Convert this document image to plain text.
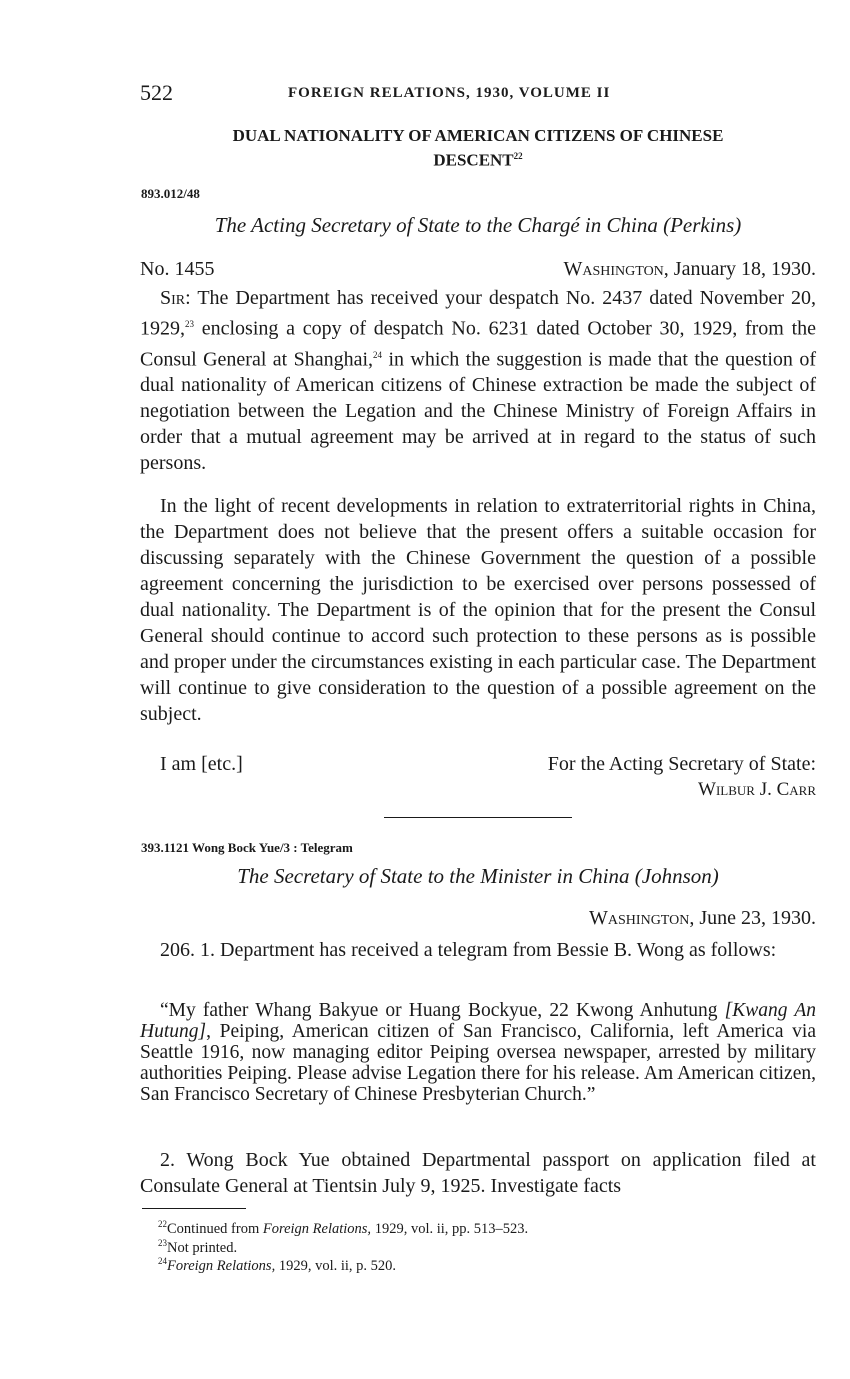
522	FOREIGN RELATIONS, 1930, VOLUME II
DUAL NATIONALITY OF AMERICAN CITIZENS OF CHINESE
DESCENT$^{22}$
893.012/48
The Acting Secretary of State to the Chargé in China (Perkins)
No. 1455	Washington, January 18, 1930.
Sir: The Department has received your despatch No. 2437 dated November 20, 1929,23 enclosing a copy of despatch No. 6231 dated October 30, 1929, from the Consul General at Shanghai,$^{24}$ in which the suggestion is made that the question of dual nationality of American citizens of Chinese extraction be made the subject of negotiation between the Legation and the Chinese Ministry of Foreign Affairs in order that a mutual agreement may be arrived at in regard to the status of such persons.
In the light of recent developments in relation to extraterritorial rights in China, the Department does not believe that the present offers a suitable occasion for discussing separately with the Chinese Government the question of a possible agreement concerning the jurisdiction to be exercised over persons possessed of dual nationality. The Department is of the opinion that for the present the Consul General should continue to accord such protection to these persons as is possible and proper under the circumstances existing in each particular case. The Department will continue to give consideration to the question of a possible agreement on the subject.
I am [etc.]	For the Acting Secretary of State:
Wilbur J. Carr
393.1121 Wong Bock Yue/3 : Telegram
The Secretary of State to the Minister in China (Johnson)
Washington, June 23, 1930.
206. 1. Department has received a telegram from Bessie B. Wong as follows:
“My father Whang Bakyue or Huang Bockyue, 22 Kwong Anhutung [Kwang An Hutung], Peiping, American citizen of San Francisco, California, left America via Seattle 1916, now managing editor Peiping oversea newspaper, arrested by military authorities Peiping. Please advise Legation there for his release. Am American citizen, San Francisco Secretary of Chinese Presbyterian Church.”
2. Wong Bock Yue obtained Departmental passport on application filed at Consulate General at Tientsin July 9, 1925. Investigate facts
$^{22}$Continued from Foreign Relations, 1929, vol. ii, pp. 513–523.
$^{23}$Not printed.
$^{24}$Foreign Relations, 1929, vol. ii, p. 520.
